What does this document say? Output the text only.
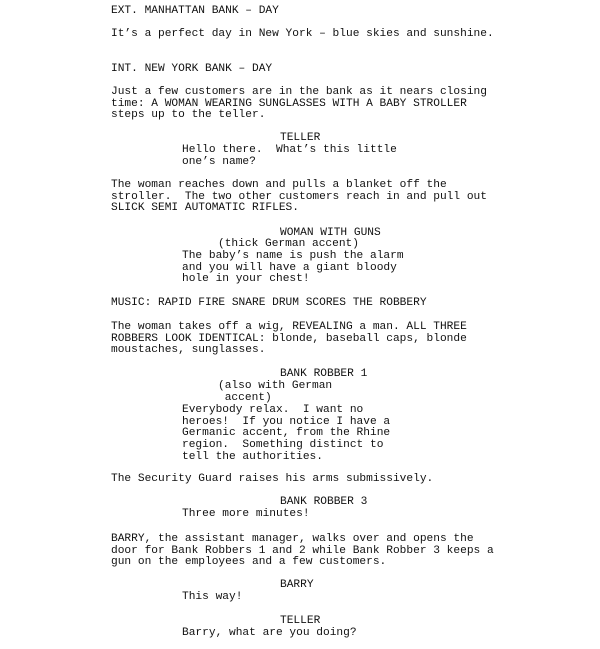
EXT. MANHATTAN BANK – DAY
It’s a perfect day in New York – blue skies and sunshine.
INT. NEW YORK BANK – DAY
Just a few customers are in the bank as it nears closing
time: A WOMAN WEARING SUNGLASSES WITH A BABY STROLLER
steps up to the teller.
TELLER
Hello there.  What’s this little
one’s name?
The woman reaches down and pulls a blanket off the
stroller.  The two other customers reach in and pull out
SLICK SEMI AUTOMATIC RIFLES.
WOMAN WITH GUNS
(thick German accent)
The baby’s name is push the alarm
and you will have a giant bloody
hole in your chest!
MUSIC: RAPID FIRE SNARE DRUM SCORES THE ROBBERY
The woman takes off a wig, REVEALING a man. ALL THREE
ROBBERS LOOK IDENTICAL: blonde, baseball caps, blonde
moustaches, sunglasses.
BANK ROBBER 1
(also with German
accent)
Everybody relax.  I want no
heroes!  If you notice I have a
Germanic accent, from the Rhine
region.  Something distinct to
tell the authorities.
The Security Guard raises his arms submissively.
BANK ROBBER 3
Three more minutes!
BARRY, the assistant manager, walks over and opens the
door for Bank Robbers 1 and 2 while Bank Robber 3 keeps a
gun on the employees and a few customers.
BARRY
This way!
TELLER
Barry, what are you doing?
